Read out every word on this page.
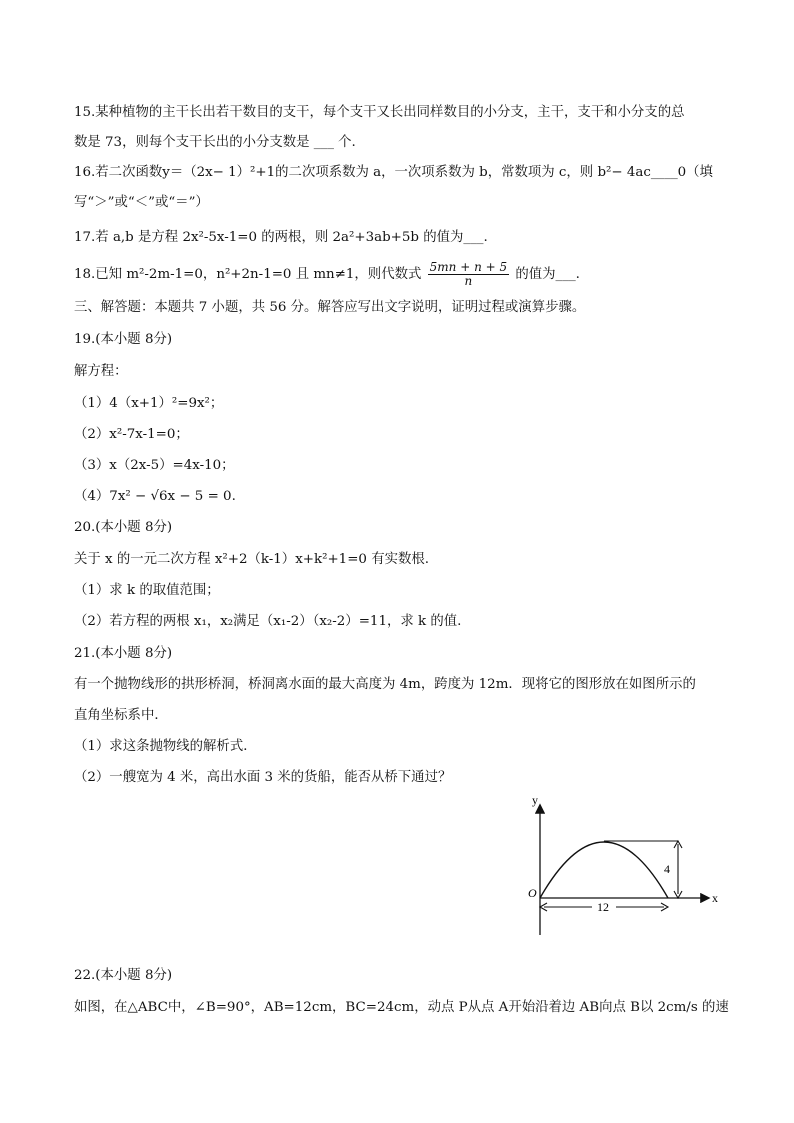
15.某种植物的主干长出若干数目的支干，每个支干又长出同样数目的小分支，主干，支干和小分支的总
数是 73，则每个支干长出的小分支数是 ___ 个.
16.若二次函数y＝（2x− 1）²+1的二次项系数为 a，一次项系数为 b，常数项为 c，则 b²− 4ac____0（填
写“＞”或“＜”或“＝”）
17.若 a,b 是方程 2x²-5x-1=0 的两根，则 2a²+3ab+5b 的值为___.
18.已知 m²-2m-1=0，n²+2n-1=0 且 mn≠1，则代数式 $\frac{5mn + n + 5}{n}$ 的值为___.
三、解答题：本题共 7 小题，共 56 分。解答应写出文字说明，证明过程或演算步骤。
19.(本小题 8分)
解方程：
（1）4（x+1）²=9x²；
（2）x²-7x-1=0；
（3）x（2x-5）=4x-10；
（4）7x² − √6x − 5 = 0.
20.(本小题 8分)
关于 x 的一元二次方程 x²+2（k-1）x+k²+1=0 有实数根.
（1）求 k 的取值范围；
（2）若方程的两根 x₁，x₂满足（x₁-2）（x₂-2）=11，求 k 的值.
21.(本小题 8分)
有一个抛物线形的拱形桥洞，桥洞离水面的最大高度为 4m，跨度为 12m．现将它的图形放在如图所示的
直角坐标系中．
（1）求这条抛物线的解析式．
（2）一艘宽为 4 米，高出水面 3 米的货船，能否从桥下通过？
y
x
O
4
12
22.(本小题 8分)
如图，在△ABC中，∠B=90°，AB=12cm，BC=24cm，动点 P从点 A开始沿着边 AB向点 B以 2cm/s 的速
